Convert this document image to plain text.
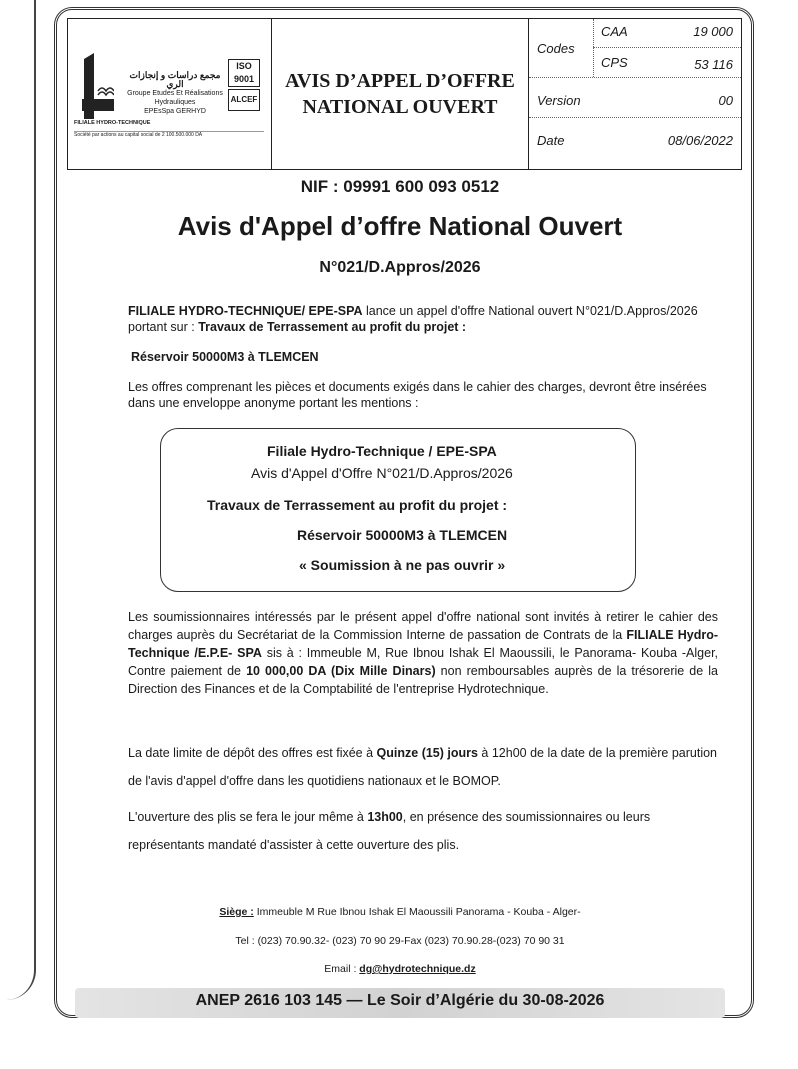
مجمع دراسات و إنجازات الري
Groupe Etudes Et Réalisations Hydrauliques
EPEsSpa GERHYD
ISO 9001
ALCEF
FILIALE HYDRO-TECHNIQUE
Société par actions au capital social de 2 100.500.000 DA
AVIS D’APPEL D’OFFRE
NATIONAL OUVERT
Codes
CAA	19 000
CPS	53 116
Version	00
Date	08/06/2022
NIF : 09991 600 093 0512
Avis d'Appel d’offre National Ouvert
N°021/D.Appros/2026
FILIALE HYDRO-TECHNIQUE/ EPE-SPA lance un appel d'offre National ouvert N°021/D.Appros/2026 portant sur : Travaux de Terrassement au profit du projet :
Réservoir 50000M3 à TLEMCEN
Les offres comprenant les pièces et documents exigés dans le cahier des charges, devront être insérées dans une enveloppe anonyme portant les mentions :
Filiale Hydro-Technique / EPE-SPA
Avis d'Appel d'Offre N°021/D.Appros/2026
Travaux de Terrassement au profit du projet :
Réservoir 50000M3 à TLEMCEN
« Soumission à ne pas ouvrir »
Les soumissionnaires intéressés par le présent appel d'offre national sont invités à retirer le cahier des charges auprès du Secrétariat de la Commission Interne de passation de Contrats de la FILIALE Hydro-Technique /E.P.E- SPA sis à : Immeuble M, Rue Ibnou Ishak El Maoussili, le Panorama- Kouba -Alger, Contre paiement de 10 000,00 DA (Dix Mille Dinars) non remboursables auprès de la trésorerie de la Direction des Finances et de la Comptabilité de l'entreprise Hydrotechnique.
La date limite de dépôt des offres est fixée à Quinze (15) jours à 12h00 de la date de la première parution de l'avis d'appel d'offre dans les quotidiens nationaux et le BOMOP.
L'ouverture des plis se fera le jour même à 13h00, en présence des soumissionnaires ou leurs représentants mandaté d'assister à cette ouverture des plis.
Siège : Immeuble M Rue Ibnou Ishak El Maoussili Panorama - Kouba - Alger-
Tel : (023) 70.90.32- (023) 70 90 29-Fax (023) 70.90.28-(023) 70 90 31
Email : dg@hydrotechnique.dz
ANEP 2616 103 145 — Le Soir d’Algérie du 30-08-2026
